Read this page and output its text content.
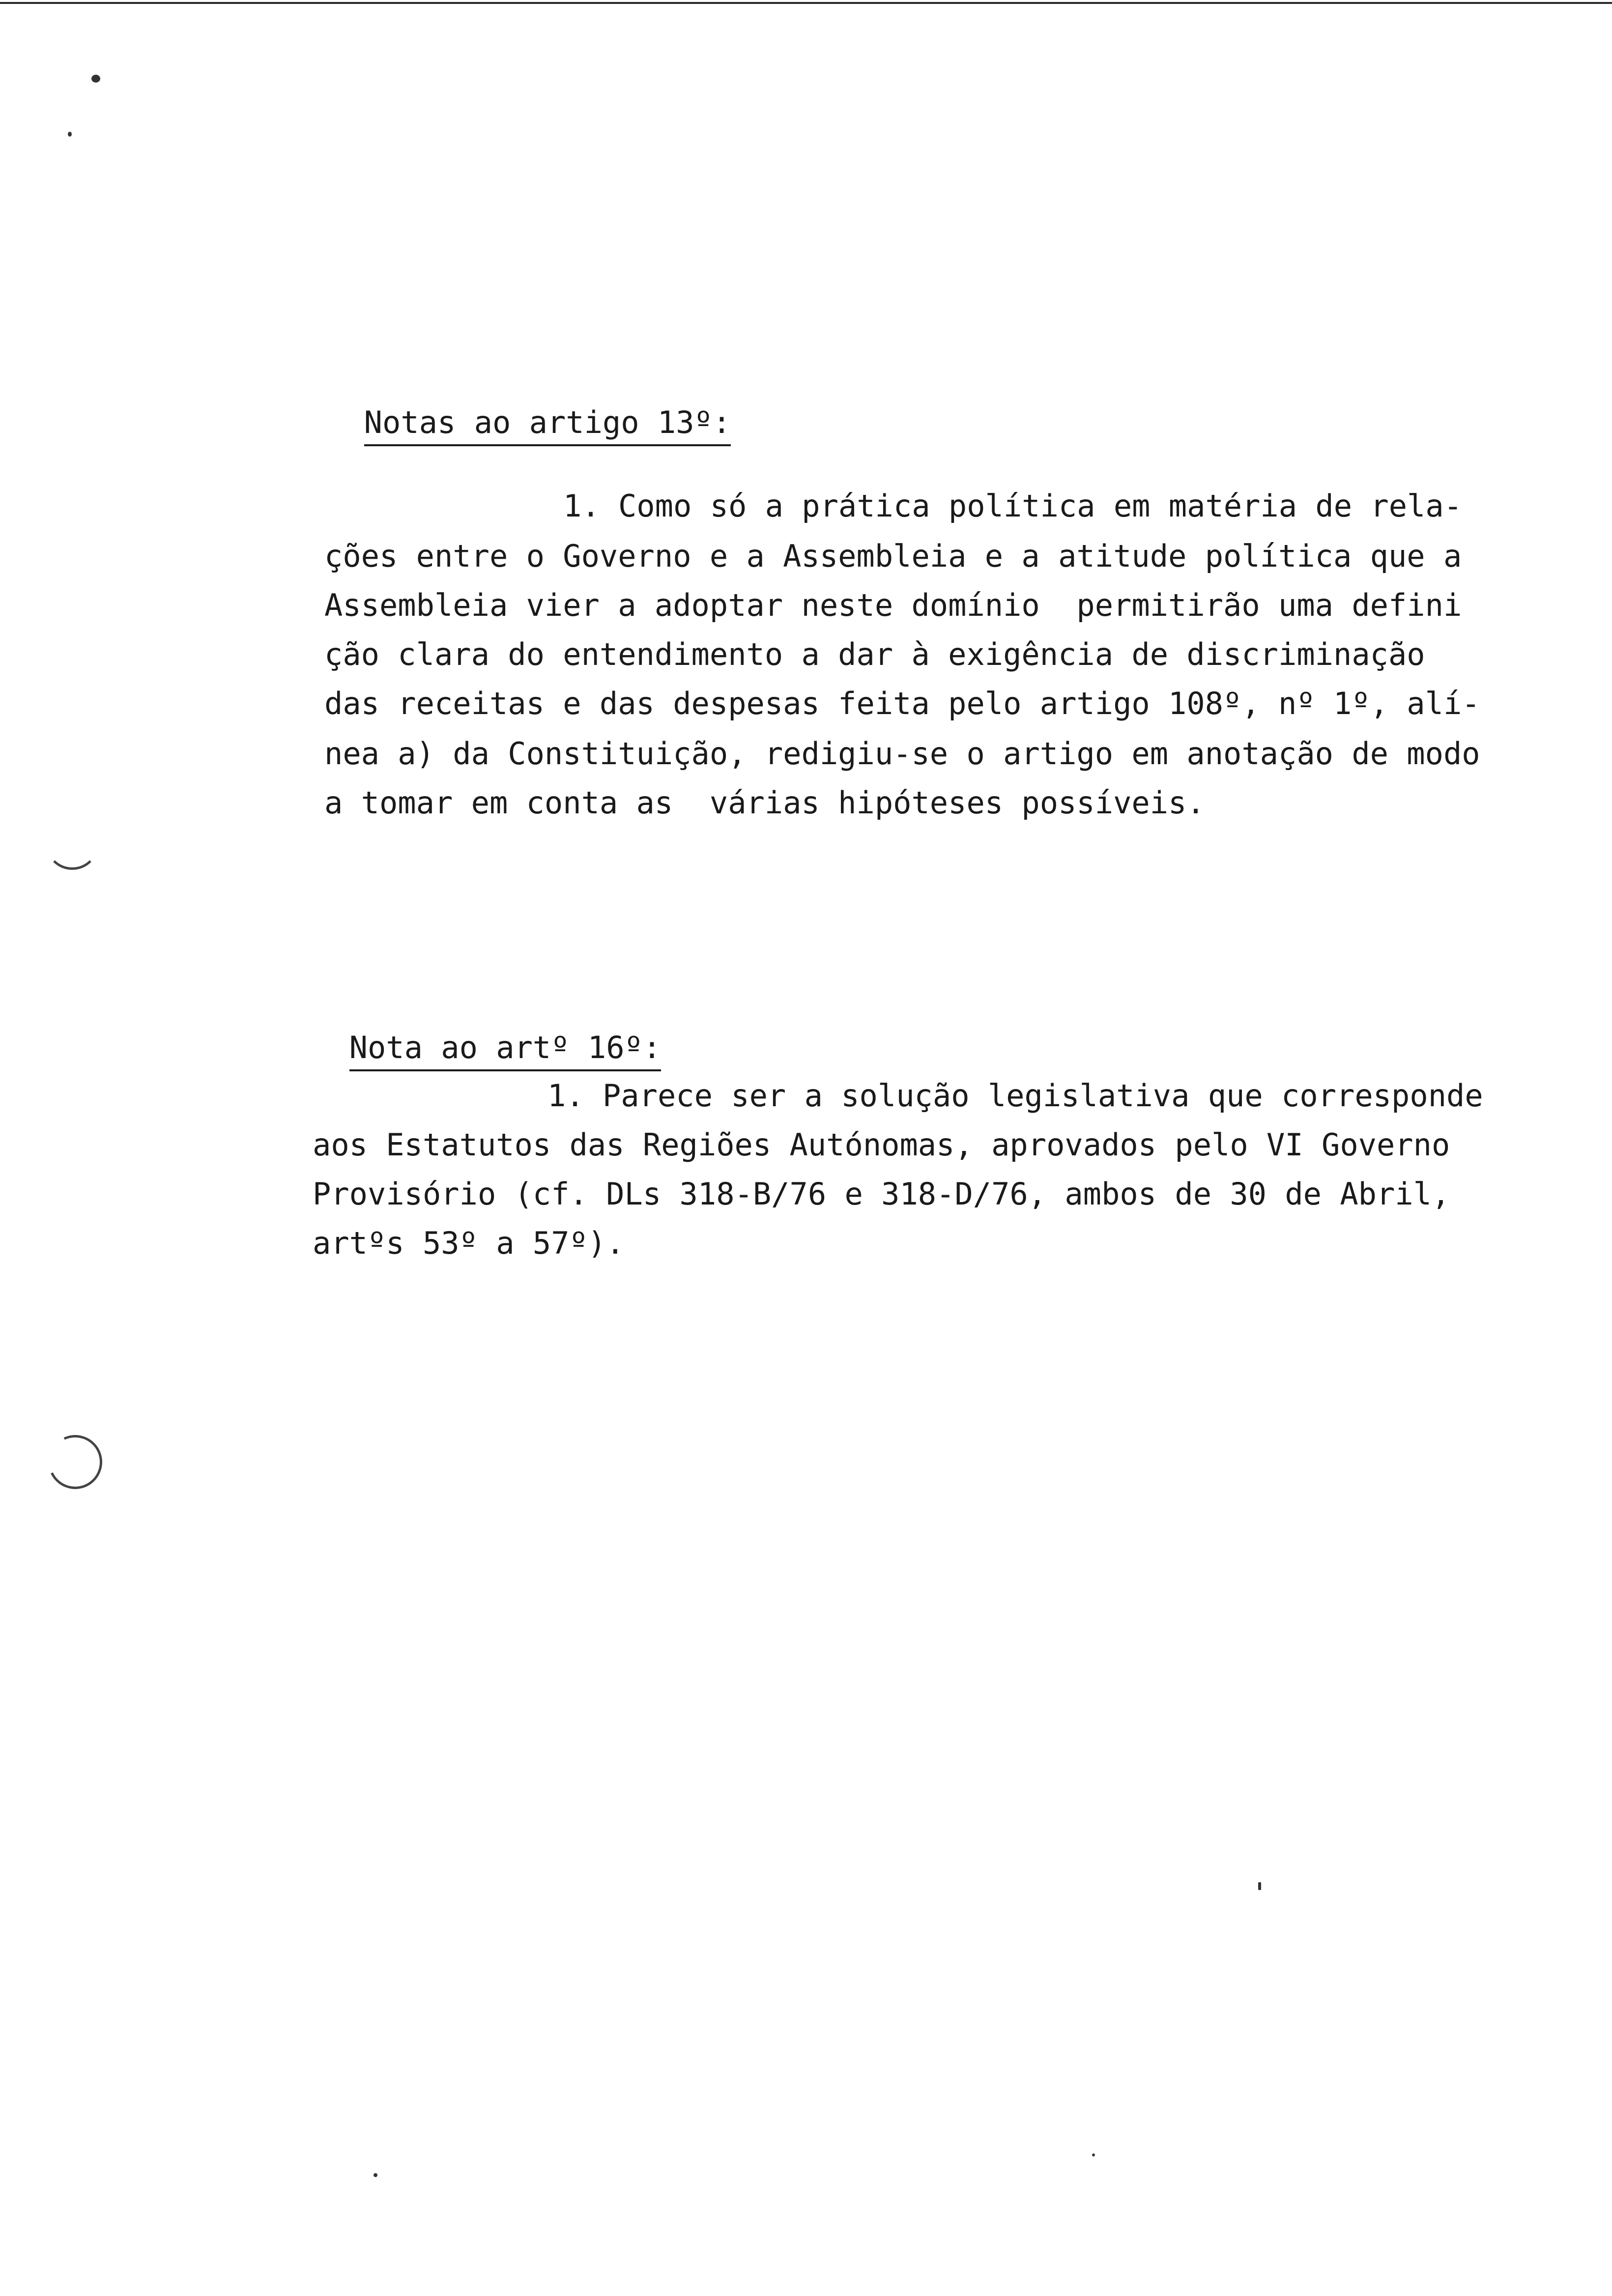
Notas ao artigo 13º:

1. Como só a prática política em matéria de rela-

ções entre o Governo e a Assembleia e a atitude política que a

Assembleia vier a adoptar neste domínio  permitirão uma defini

ção clara do entendimento a dar à exigência de discriminação

das receitas e das despesas feita pelo artigo 108º, nº 1º, alí-

nea a) da Constituição, redigiu-se o artigo em anotação de modo

a tomar em conta as  várias hipóteses possíveis.

Nota ao artº 16º:

1. Parece ser a solução legislativa que corresponde

aos Estatutos das Regiões Autónomas, aprovados pelo VI Governo

Provisório (cf. DLs 318-B/76 e 318-D/76, ambos de 30 de Abril,

artºs 53º a 57º).
